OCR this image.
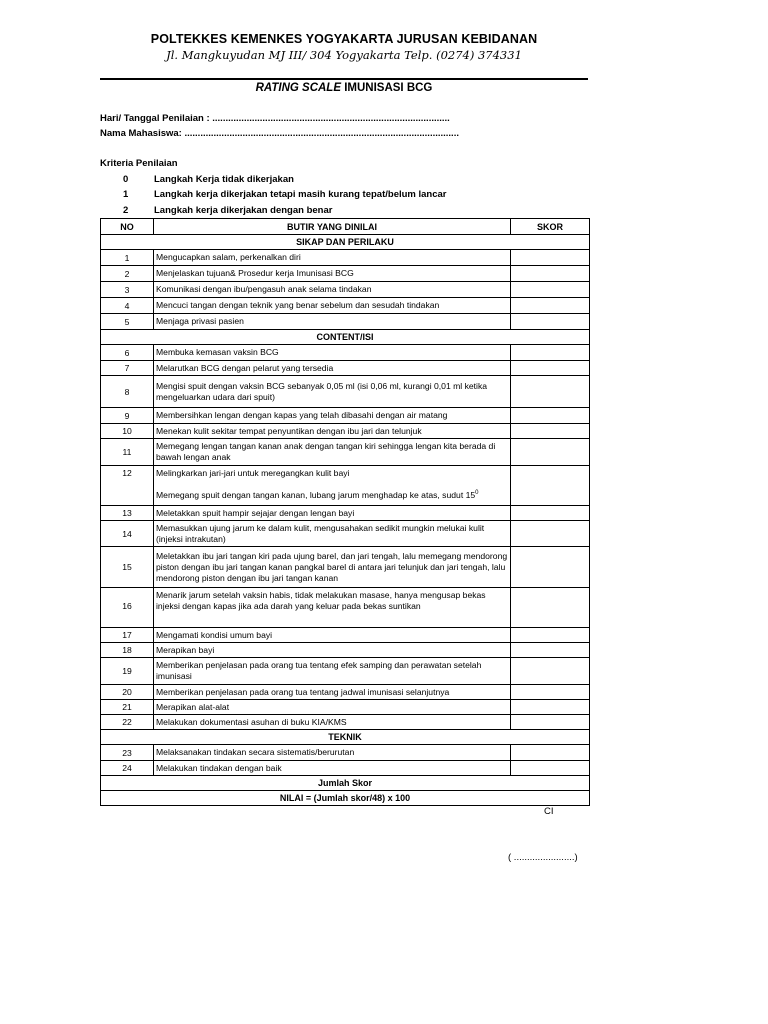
POLTEKKES KEMENKES YOGYAKARTA JURUSAN KEBIDANAN
Jl. Mangkuyudan MJ III/ 304 Yogyakarta Telp. (0274) 374331
RATING SCALE IMUNISASI BCG
Hari/ Tanggal Penilaian : ..........................................................................................
Nama Mahasiswa: ........................................................................................................
Kriteria Penilaian
0	Langkah Kerja tidak dikerjakan
1	Langkah kerja dikerjakan tetapi masih kurang tepat/belum lancar
2	Langkah kerja dikerjakan dengan benar
NO	BUTIR YANG DINILAI	SKOR
SIKAP DAN PERILAKU		
1	Mengucapkan salam, perkenalkan diri	
2	Menjelaskan tujuan& Prosedur kerja Imunisasi BCG	
3	Komunikasi dengan ibu/pengasuh anak selama tindakan	
4	Mencuci tangan dengan teknik yang benar sebelum dan sesudah tindakan	
5	Menjaga privasi pasien	
CONTENT/ISI		
6	Membuka kemasan vaksin BCG	
7	Melarutkan BCG dengan pelarut yang tersedia	
8	Mengisi spuit dengan vaksin BCG sebanyak 0,05 ml (isi 0,06 ml, kurangi 0,01 ml ketika mengeluarkan udara dari spuit)	
9	Membersihkan lengan dengan kapas yang telah dibasahi dengan air matang	
10	Menekan kulit sekitar tempat penyuntikan dengan ibu jari dan telunjuk	
11	Memegang lengan tangan kanan anak dengan tangan kiri sehingga lengan kita berada di bawah lengan anak	
12	Melingkarkan jari-jari untuk meregangkan kulit bayi
Memegang spuit dengan tangan kanan, lubang jarum menghadap ke atas, sudut $15^0$

13	Meletakkan spuit hampir sejajar dengan lengan bayi	
14	Memasukkan ujung jarum ke dalam kulit, mengusahakan sedikit mungkin melukai kulit (injeksi intrakutan)	
15	Meletakkan ibu jari tangan kiri pada ujung barel, dan jari tengah, lalu memegang mendorong piston dengan ibu jari tangan kanan pangkal barel di antara jari telunjuk dan jari tengah, lalu mendorong piston dengan ibu jari tangan kanan	
16	Menarik jarum setelah vaksin habis, tidak melakukan masase, hanya mengusap bekas injeksi dengan kapas jika ada darah yang keluar pada bekas suntikan	
17	Mengamati kondisi umum bayi	
18	Merapikan bayi	
19	Memberikan penjelasan pada orang tua tentang efek samping dan perawatan setelah imunisasi	
20	Memberikan penjelasan pada orang tua tentang jadwal imunisasi selanjutnya	
21	Merapikan alat-alat	
22	Melakukan dokumentasi asuhan di buku KIA/KMS	
TEKNIK		
23	Melaksanakan tindakan secara sistematis/berurutan	
24	Melakukan tindakan dengan baik	
Jumlah Skor		
NILAI = (Jumlah skor/48) x 100		
CI
( .......................)
